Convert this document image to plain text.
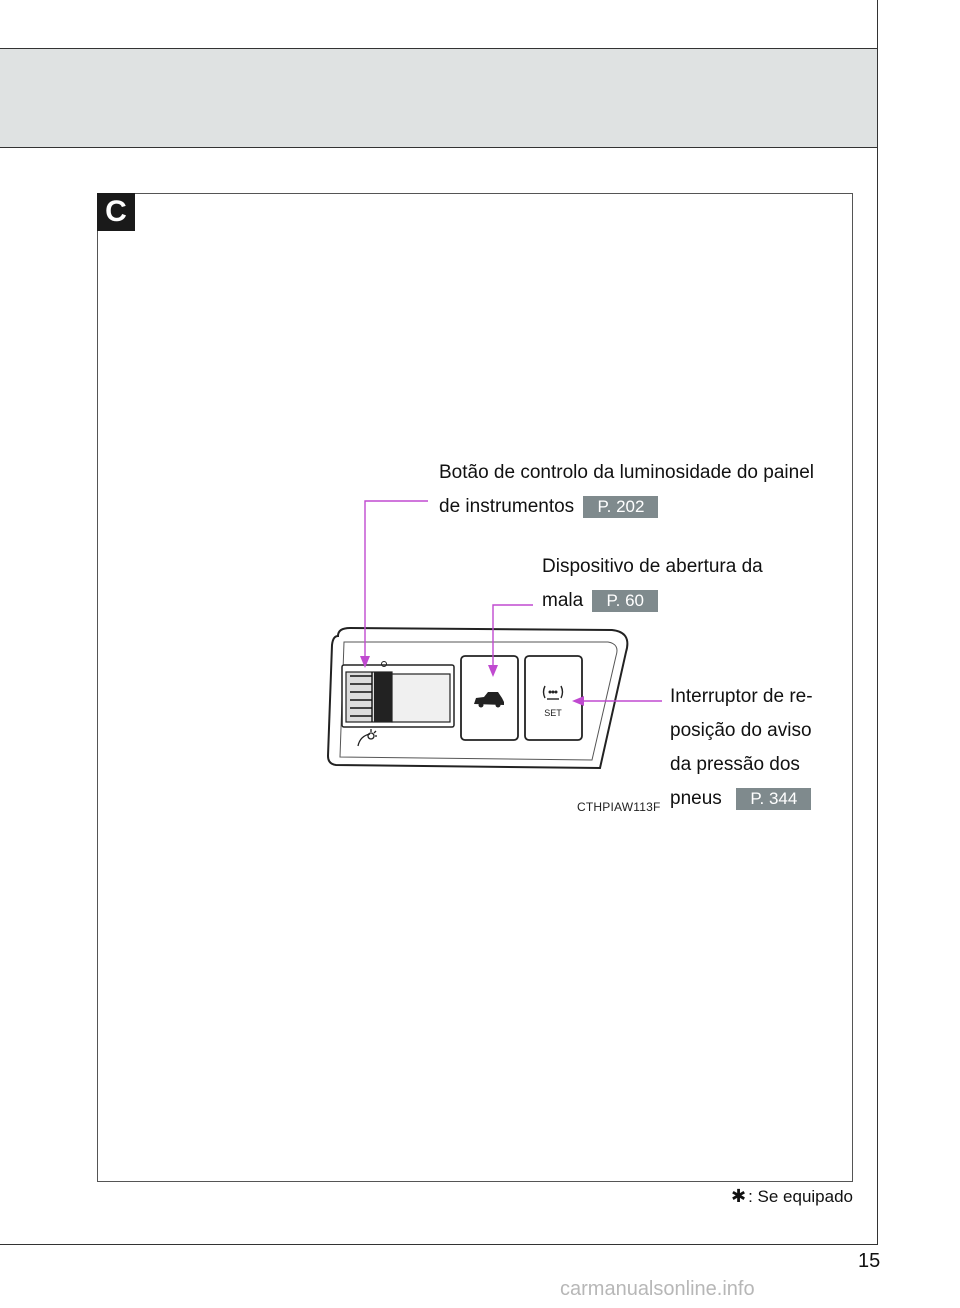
C
Botão de controlo da luminosidade do painel
de instrumentos P. 202
Dispositivo de abertura da
mala P. 60
Interruptor de re-
posição do aviso
da pressão dos
pneus P. 344
SET
CTHPIAW113F
✱ : Se equipado
15
carmanualsonline.info
